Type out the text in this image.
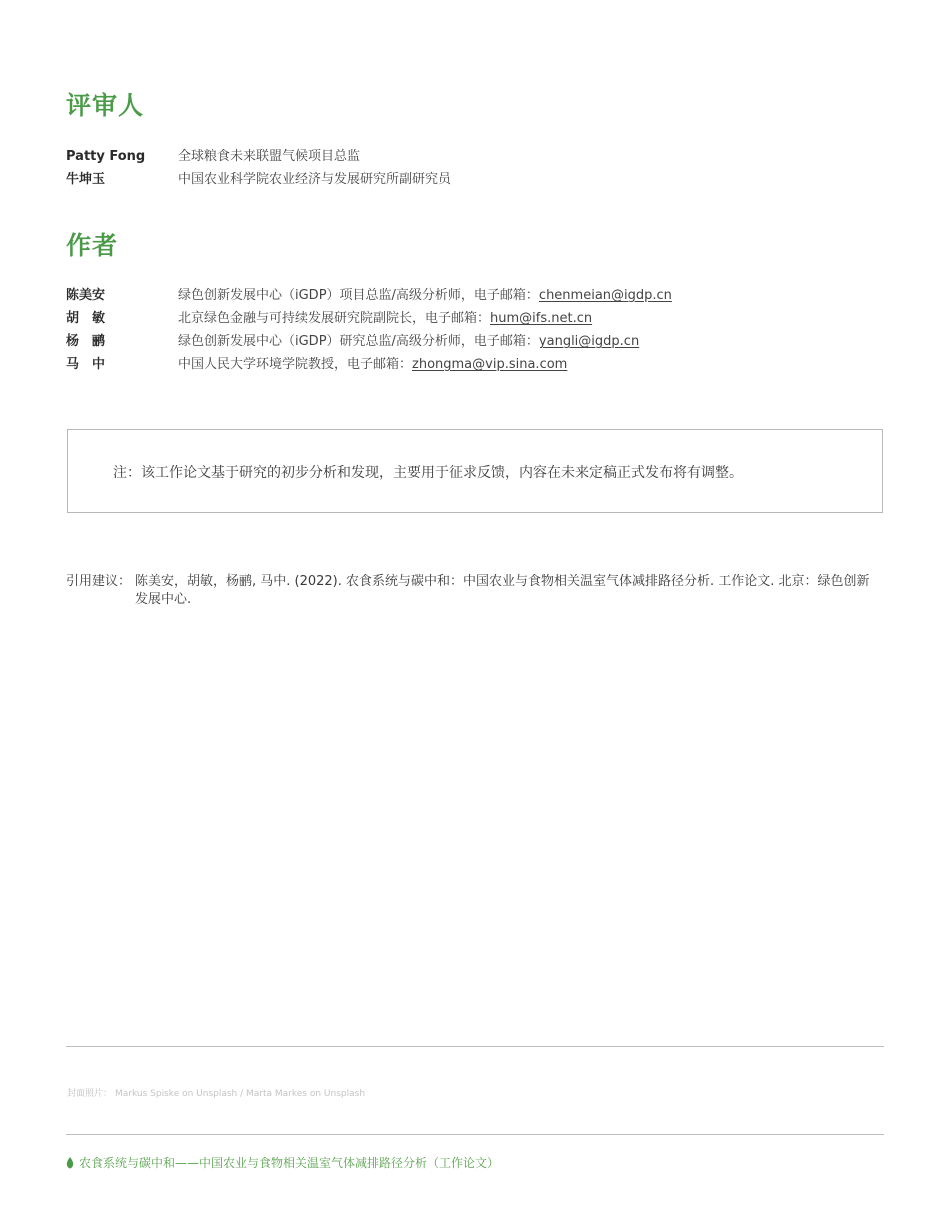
评审人
Patty Fong	全球粮食未来联盟气候项目总监
牛坤玉	中国农业科学院农业经济与发展研究所副研究员
作者
陈美安	绿色创新发展中心（iGDP）项目总监/高级分析师，电子邮箱：chenmeian@igdp.cn
胡　敏	北京绿色金融与可持续发展研究院副院长，电子邮箱：hum@ifs.net.cn
杨　鹂	绿色创新发展中心（iGDP）研究总监/高级分析师，电子邮箱：yangli@igdp.cn
马　中	中国人民大学环境学院教授，电子邮箱：zhongma@vip.sina.com
注：该工作论文基于研究的初步分析和发现，主要用于征求反馈，内容在未来定稿正式发布将有调整。
引用建议： 陈美安，胡敏，杨鹂, 马中. (2022). 农食系统与碳中和：中国农业与食物相关温室气体减排路径分析. 工作论文. 北京：绿色创新发展中心.
封面照片： Markus Spiske on Unsplash / Marta Markes on Unsplash
农食系统与碳中和——中国农业与食物相关温室气体减排路径分析（工作论文）
